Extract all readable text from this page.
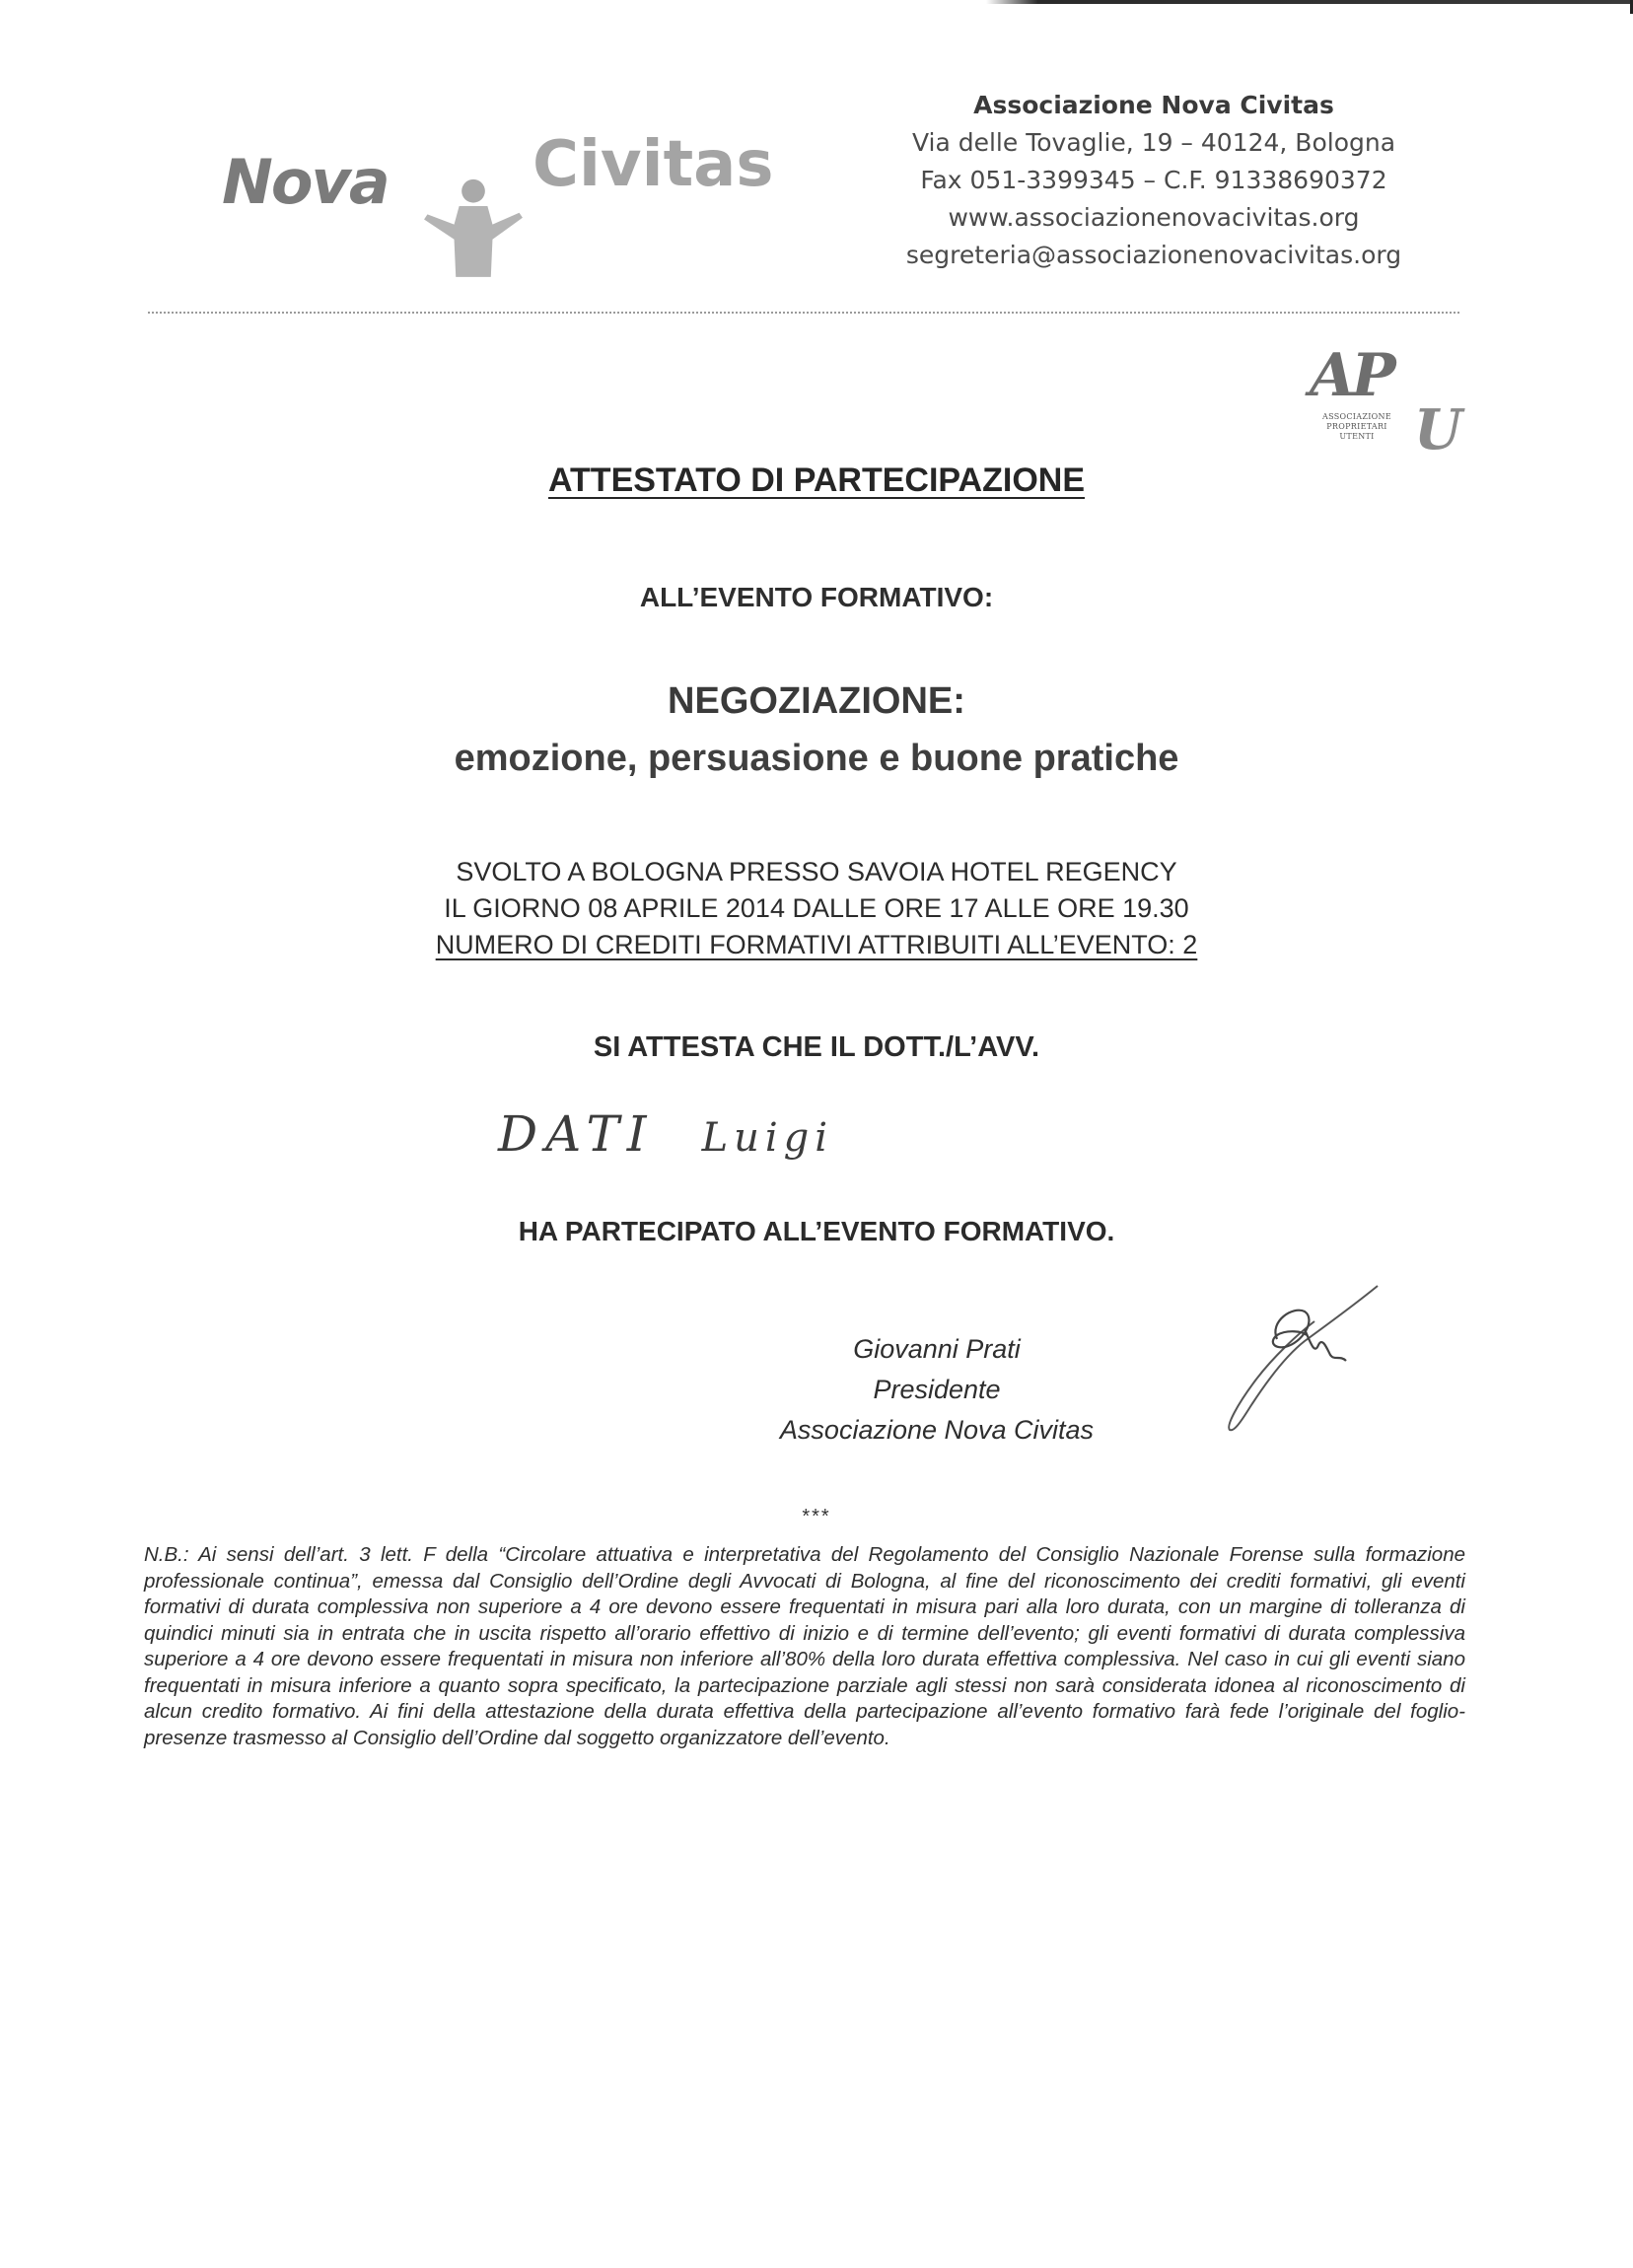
Nova	Civitas
Associazione Nova Civitas
Via delle Tovaglie, 19 – 40124, Bologna
Fax 051-3399345 – C.F. 91338690372
www.associazionenovacivitas.org
segreteria@associazionenovacivitas.org
AP
ASSOCIAZIONE
PROPRIETARI
UTENTI U
ATTESTATO DI PARTECIPAZIONE
ALL’EVENTO FORMATIVO:
NEGOZIAZIONE:
emozione, persuasione e buone pratiche
SVOLTO A BOLOGNA PRESSO SAVOIA HOTEL REGENCY
IL GIORNO 08 APRILE 2014 DALLE ORE 17 ALLE ORE 19.30
NUMERO DI CREDITI FORMATIVI ATTRIBUITI ALL’EVENTO: 2
SI ATTESTA CHE IL DOTT./L’AVV.
DATI Luigi
HA PARTECIPATO ALL’EVENTO FORMATIVO.
Giovanni Prati
Presidente
Associazione Nova Civitas
***
N.B.: Ai sensi dell’art. 3 lett. F della “Circolare attuativa e interpretativa del Regolamento del Consiglio Nazionale Forense sulla formazione professionale continua”, emessa dal Consiglio dell’Ordine degli Avvocati di Bologna, al fine del riconoscimento dei crediti formativi, gli eventi formativi di durata complessiva non superiore a 4 ore devono essere frequentati in misura pari alla loro durata, con un margine di tolleranza di quindici minuti sia in entrata che in uscita rispetto all’orario effettivo di inizio e di termine dell’evento; gli eventi formativi di durata complessiva superiore a 4 ore devono essere frequentati in misura non inferiore all’80% della loro durata effettiva complessiva. Nel caso in cui gli eventi siano frequentati in misura inferiore a quanto sopra specificato, la partecipazione parziale agli stessi non sarà considerata idonea al riconoscimento di alcun credito formativo. Ai fini della attestazione della durata effettiva della partecipazione all’evento formativo farà fede l’originale del foglio-presenze trasmesso al Consiglio dell’Ordine dal soggetto organizzatore dell’evento.
